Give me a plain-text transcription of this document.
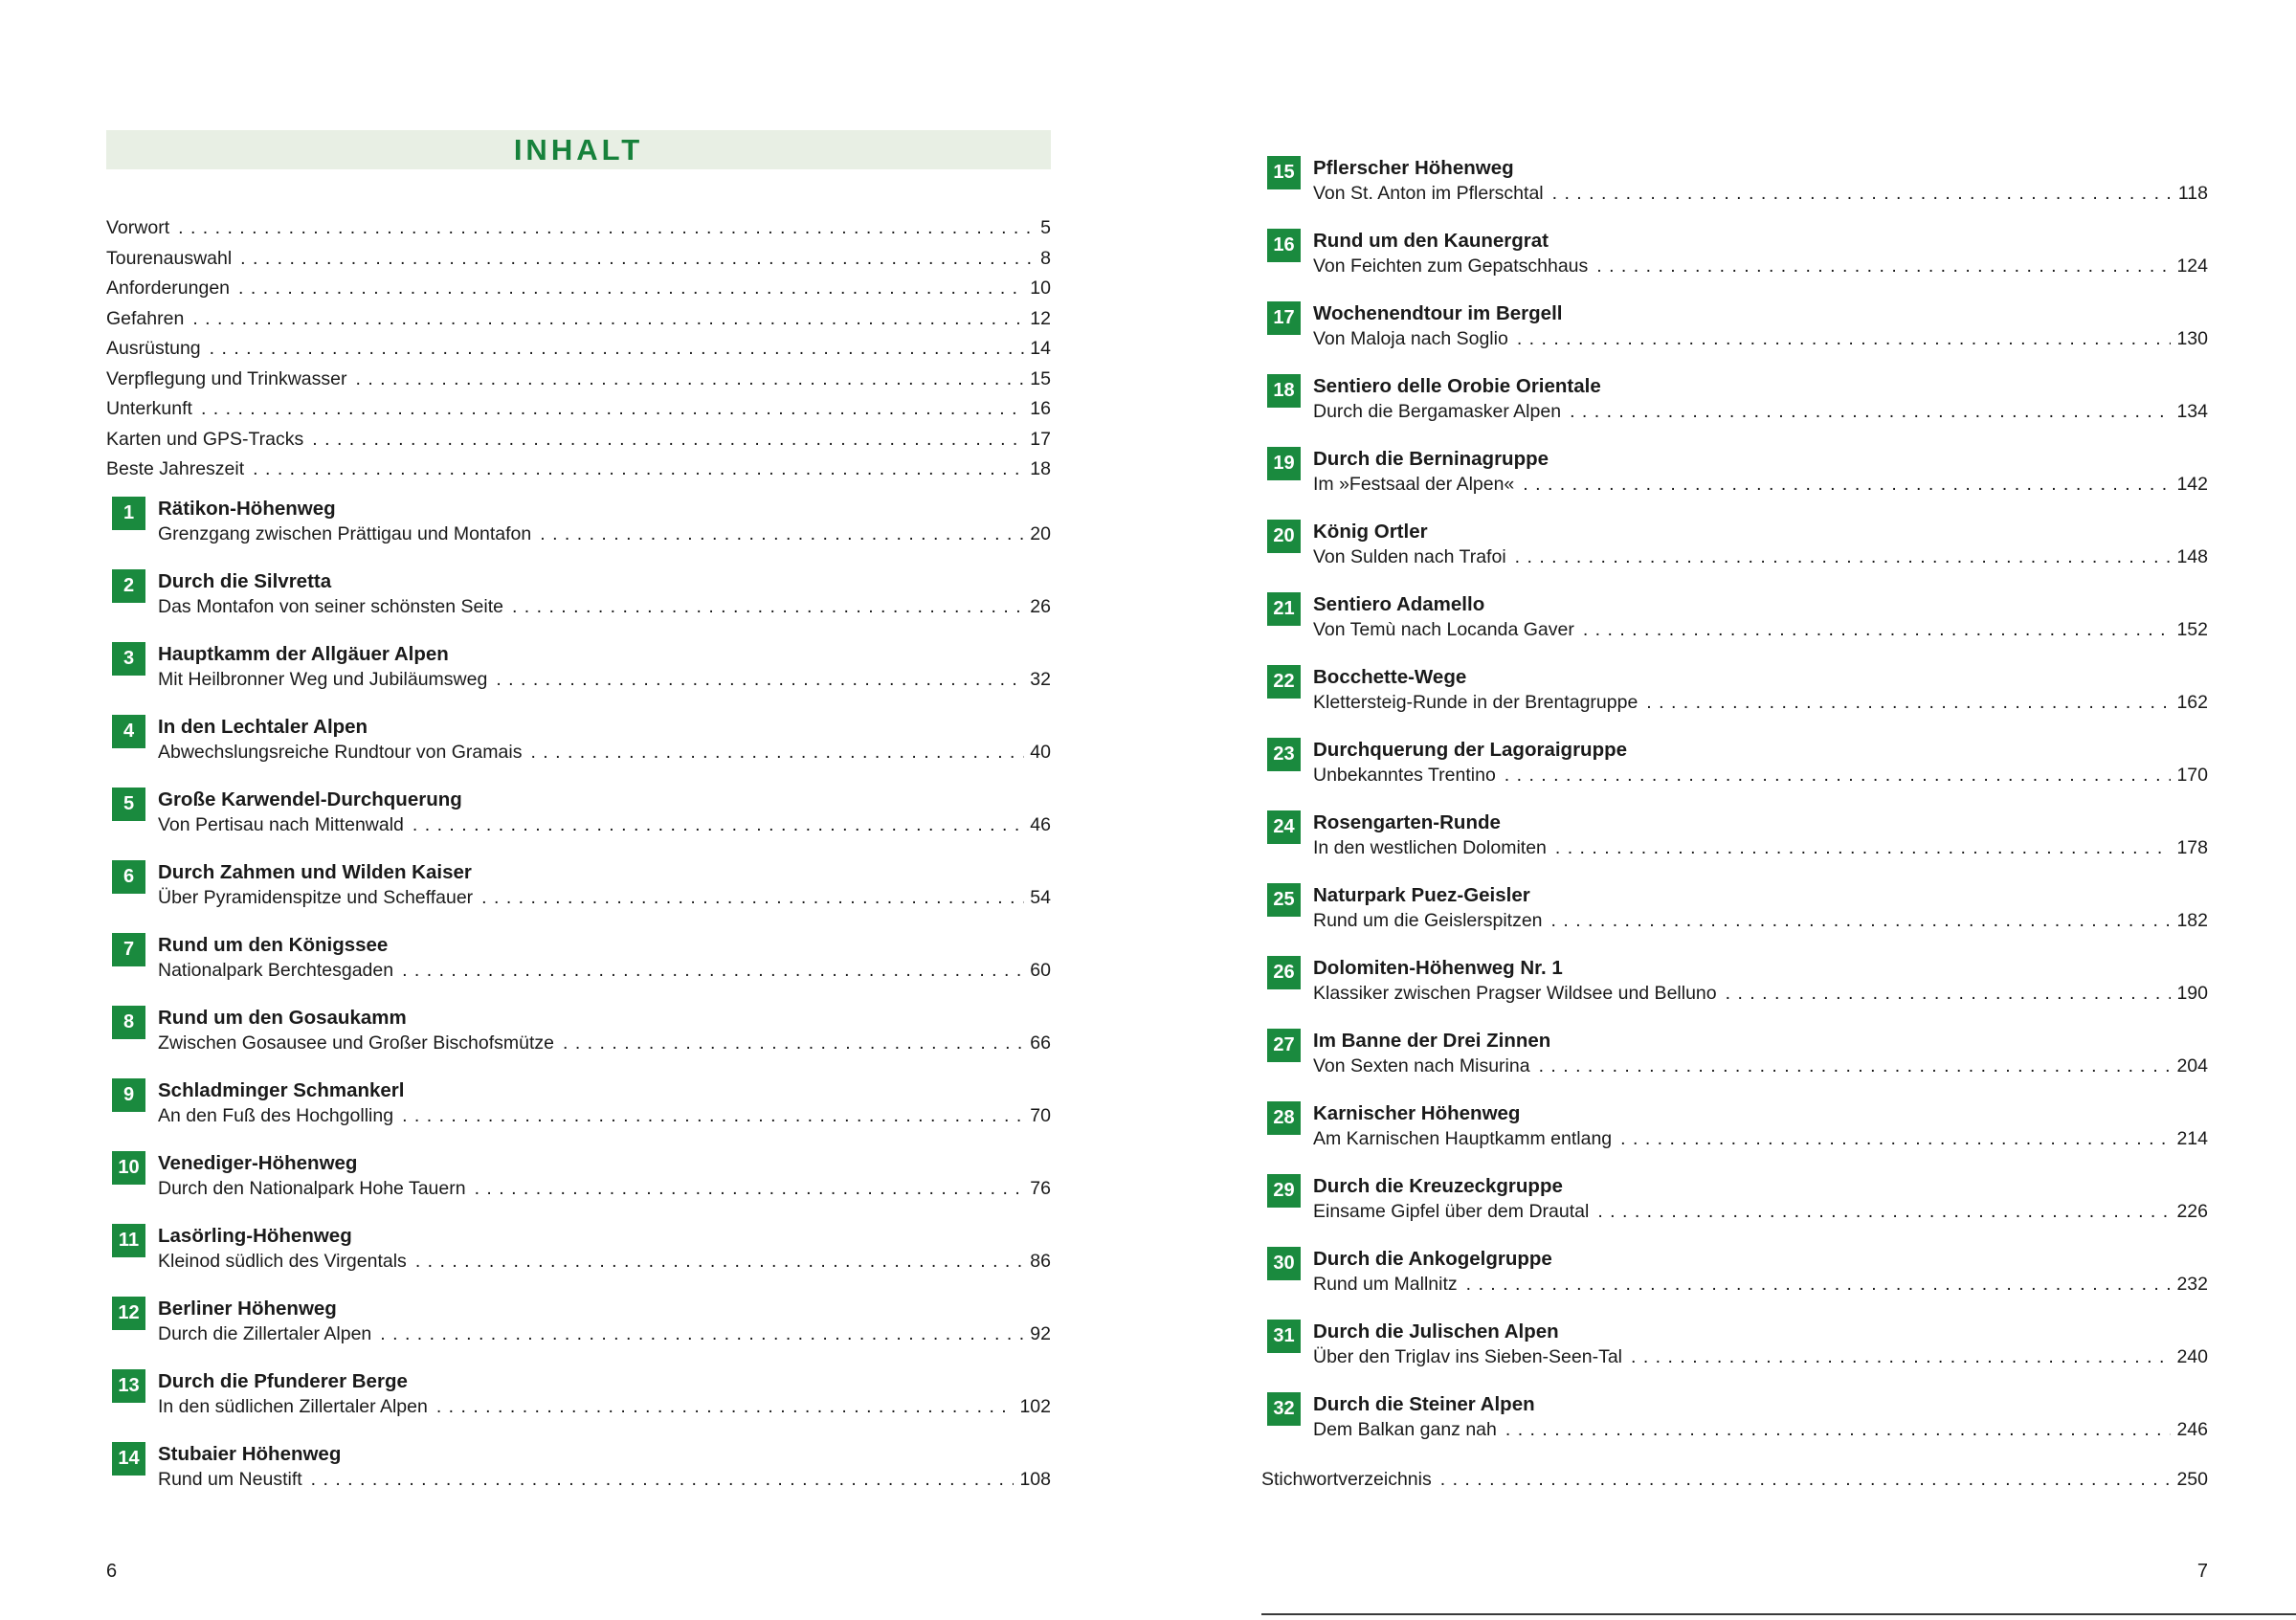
INHALT
Vorwort . . .	5
Tourenauswahl . . .	8
Anforderungen . . .	10
Gefahren . . .	12
Ausrüstung . . .	14
Verpflegung und Trinkwasser . . .	15
Unterkunft . . .	16
Karten und GPS-Tracks . . .	17
Beste Jahreszeit . . .	18
1	Rätikon-Höhenweg
Grenzgang zwischen Prättigau und Montafon . . .	20
2	Durch die Silvretta
Das Montafon von seiner schönsten Seite . . .	26
3	Hauptkamm der Allgäuer Alpen
Mit Heilbronner Weg und Jubiläumsweg . . .	32
4	In den Lechtaler Alpen
Abwechslungsreiche Rundtour von Gramais . . .	40
5	Große Karwendel-Durchquerung
Von Pertisau nach Mittenwald . . .	46
6	Durch Zahmen und Wilden Kaiser
Über Pyramidenspitze und Scheffauer . . .	54
7	Rund um den Königssee
Nationalpark Berchtesgaden . . .	60
8	Rund um den Gosaukamm
Zwischen Gosausee und Großer Bischofsmütze . . .	66
9	Schladminger Schmankerl
An den Fuß des Hochgolling . . .	70
10 Venediger-Höhenweg
Durch den Nationalpark Hohe Tauern . . .	76
11 Lasörling-Höhenweg
Kleinod südlich des Virgentals . . .	86
12 Berliner Höhenweg
Durch die Zillertaler Alpen . . .	92
13 Durch die Pfunderer Berge
In den südlichen Zillertaler Alpen . . .	102
14 Stubaier Höhenweg
Rund um Neustift . . .	108
15 Pflerscher Höhenweg
Von St. Anton im Pflerschtal . . .	118
16 Rund um den Kaunergrat
Von Feichten zum Gepatschhaus . . .	124
17 Wochenendtour im Bergell
Von Maloja nach Soglio . . .	130
18 Sentiero delle Orobie Orientale
Durch die Bergamasker Alpen . . .	134
19 Durch die Berninagruppe
Im »Festsaal der Alpen« . . .	142
20 König Ortler
Von Sulden nach Trafoi . . .	148
21 Sentiero Adamello
Von Temù nach Locanda Gaver . . .	152
22 Bocchette-Wege
Klettersteig-Runde in der Brentagruppe . . .	162
23 Durchquerung der Lagoraigruppe
Unbekanntes Trentino . . .	170
24 Rosengarten-Runde
In den westlichen Dolomiten . . .	178
25 Naturpark Puez-Geisler
Rund um die Geislerspitzen . . .	182
26 Dolomiten-Höhenweg Nr. 1
Klassiker zwischen Pragser Wildsee und Belluno . . .	190
27 Im Banne der Drei Zinnen
Von Sexten nach Misurina . . .	204
28 Karnischer Höhenweg
Am Karnischen Hauptkamm entlang . . .	214
29 Durch die Kreuzeckgruppe
Einsame Gipfel über dem Drautal . . .	226
30 Durch die Ankogelgruppe
Rund um Mallnitz . . .	232
31 Durch die Julischen Alpen
Über den Triglav ins Sieben-Seen-Tal . . .	240
32 Durch die Steiner Alpen
Dem Balkan ganz nah . . .	246
Stichwortverzeichnis . . .	250
6	7
